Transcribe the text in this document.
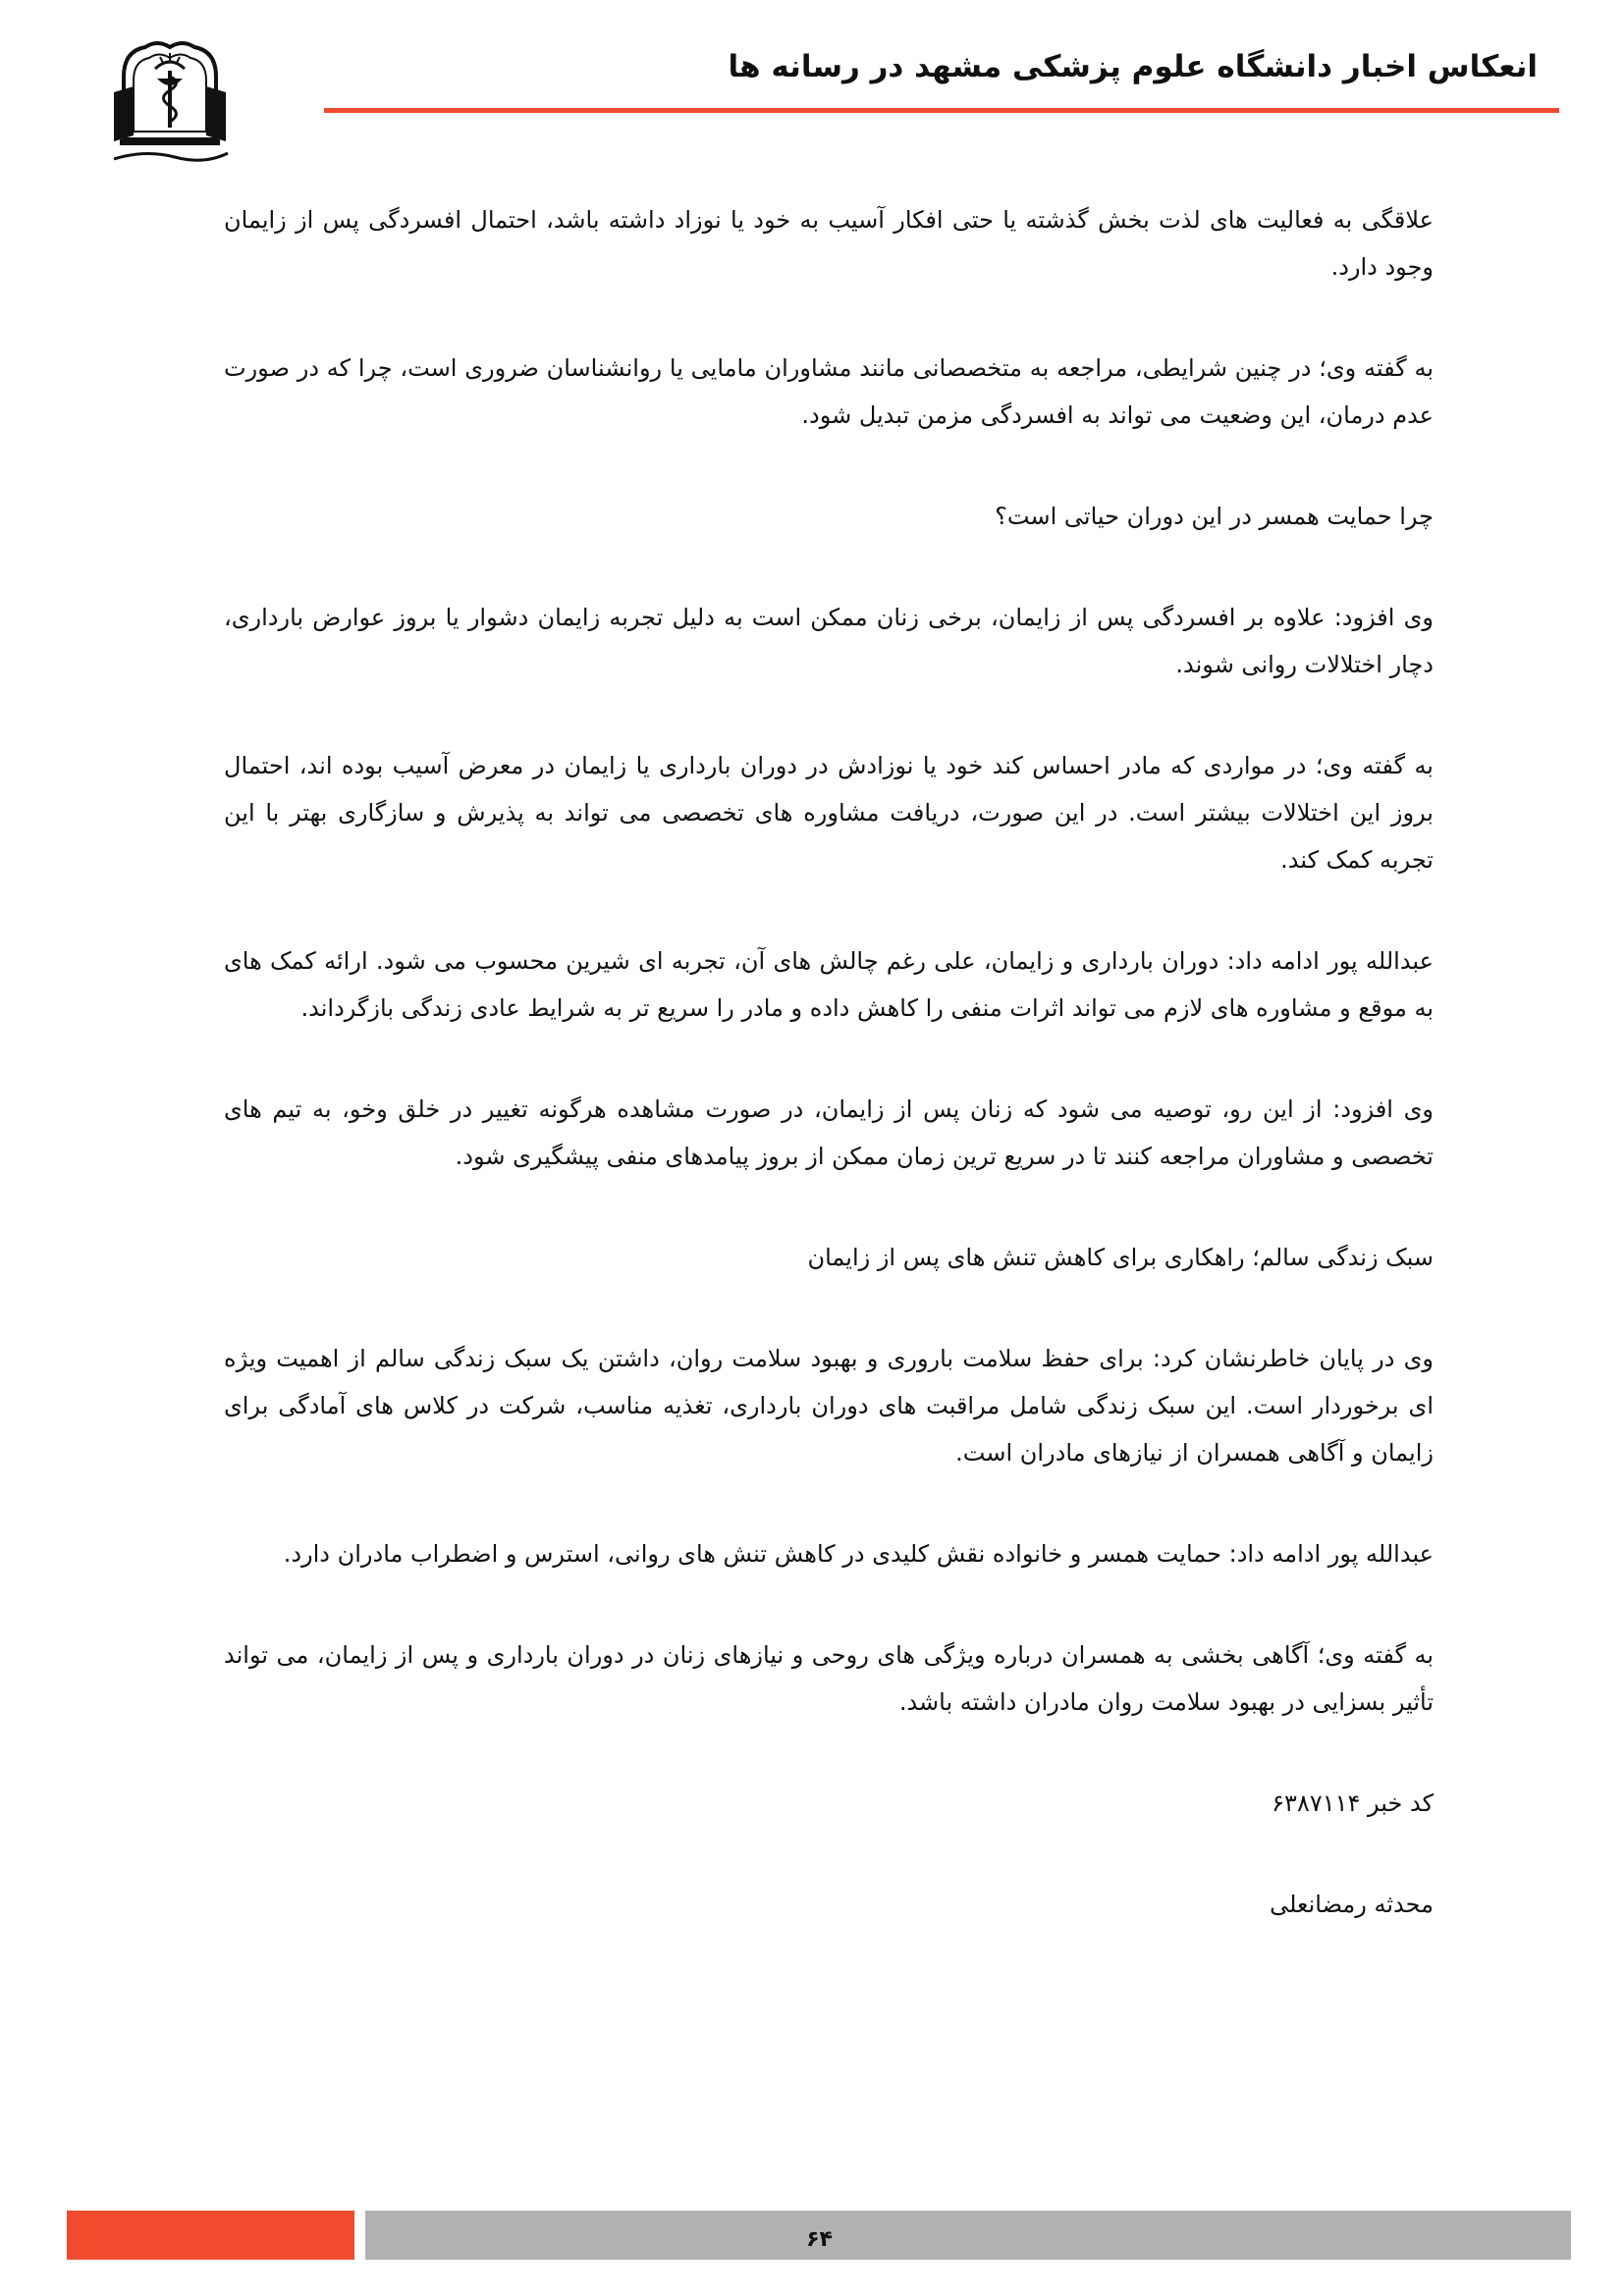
انعکاس اخبار دانشگاه علوم پزشکی مشهد در رسانه ها

علاقگی به فعالیت های لذت بخش گذشته یا حتی افکار آسیب به خود یا نوزاد داشته باشد، احتمال افسردگی پس از زایمان وجود دارد.

به گفته وی؛ در چنین شرایطی، مراجعه به متخصصانی مانند مشاوران مامایی یا روانشناسان ضروری است، چرا که در صورت عدم درمان، این وضعیت می تواند به افسردگی مزمن تبدیل شود.

چرا حمایت همسر در این دوران حیاتی است؟

وی افزود: علاوه بر افسردگی پس از زایمان، برخی زنان ممکن است به دلیل تجربه زایمان دشوار یا بروز عوارض بارداری، دچار اختلالات روانی شوند.

به گفته وی؛ در مواردی که مادر احساس کند خود یا نوزادش در دوران بارداری یا زایمان در معرض آسیب بوده اند، احتمال بروز این اختلالات بیشتر است. در این صورت، دریافت مشاوره های تخصصی می تواند به پذیرش و سازگاری بهتر با این تجربه کمک کند.

عبدالله پور ادامه داد: دوران بارداری و زایمان، علی رغم چالش های آن، تجربه ای شیرین محسوب می شود. ارائه کمک های به موقع و مشاوره های لازم می تواند اثرات منفی را کاهش داده و مادر را سریع تر به شرایط عادی زندگی بازگرداند.

وی افزود: از این رو، توصیه می شود که زنان پس از زایمان، در صورت مشاهده هرگونه تغییر در خلق وخو، به تیم های تخصصی و مشاوران مراجعه کنند تا در سریع ترین زمان ممکن از بروز پیامدهای منفی پیشگیری شود.

سبک زندگی سالم؛ راهکاری برای کاهش تنش های پس از زایمان

وی در پایان خاطرنشان کرد: برای حفظ سلامت باروری و بهبود سلامت روان، داشتن یک سبک زندگی سالم از اهمیت ویژه ای برخوردار است. این سبک زندگی شامل مراقبت های دوران بارداری، تغذیه مناسب، شرکت در کلاس های آمادگی برای زایمان و آگاهی همسران از نیازهای مادران است.

عبدالله پور ادامه داد: حمایت همسر و خانواده نقش کلیدی در کاهش تنش های روانی، استرس و اضطراب مادران دارد.

به گفته وی؛ آگاهی بخشی به همسران درباره ویژگی های روحی و نیازهای زنان در دوران بارداری و پس از زایمان، می تواند تأثیر بسزایی در بهبود سلامت روان مادران داشته باشد.

کد خبر ۶۳۸۷۱۱۴

محدثه رمضانعلی

۶۴
